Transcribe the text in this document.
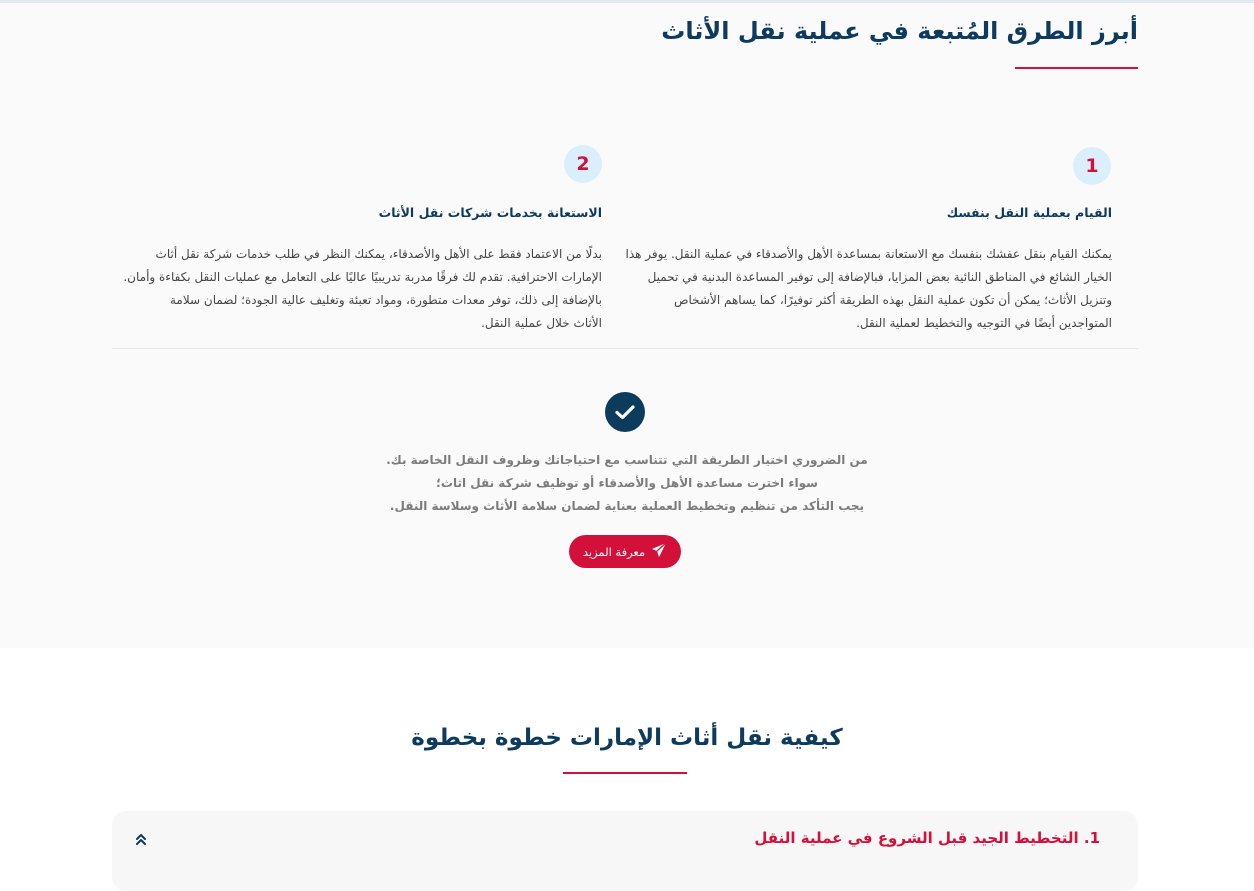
أبرز الطرق المُتبعة في عملية نقل الأثاث
1
القيام بعملية النقل بنفسك
يمكنك القيام بنقل عفشك بنفسك مع الاستعانة بمساعدة الأهل والأصدقاء في عملية النقل. يوفر هذا
الخيار الشائع في المناطق النائية بعض المزايا، فبالإضافة إلى توفير المساعدة البدنية في تحميل
وتنزيل الأثاث؛ يمكن أن تكون عملية النقل بهذه الطريقة أكثر توفيرًا، كما يساهم الأشخاص
المتواجدين أيضًا في التوجيه والتخطيط لعملية النقل.
2
الاستعانة بخدمات شركات نقل الأثاث
بدلًا من الاعتماد فقط على الأهل والأصدقاء، يمكنك النظر في طلب خدمات شركة نقل أثاث
الإمارات الاحترافية. تقدم لك فرقًا مدربة تدريبيًا عاليًا على التعامل مع عمليات النقل بكفاءة وأمان.
بالإضافة إلى ذلك، توفر معدات متطورة، ومواد تعبئة وتغليف عالية الجودة؛ لضمان سلامة
الأثاث خلال عملية النقل.
من الضروري اختيار الطريقة التي تتناسب مع احتياجاتك وظروف النقل الخاصة بك.
سواء اخترت مساعدة الأهل والأصدقاء أو توظيف شركة نقل اثاث؛
يجب التأكد من تنظيم وتخطيط العملية بعناية لضمان سلامة الأثاث وسلاسة النقل.
معرفة المزيد
كيفية نقل أثاث الإمارات خطوة بخطوة
1. التخطيط الجيد قبل الشروع في عملية النقل
